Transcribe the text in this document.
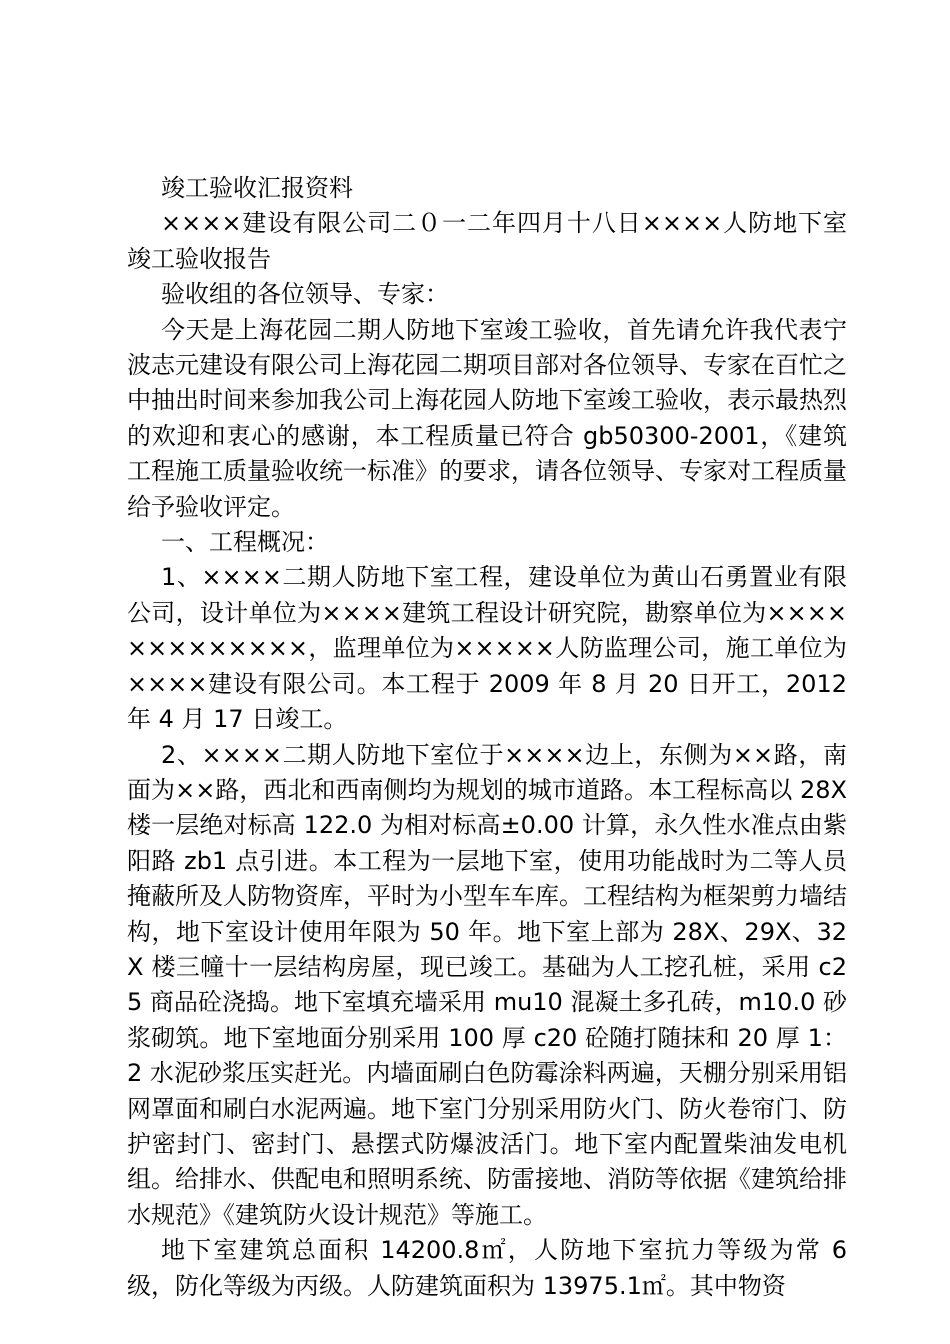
竣工验收汇报资料

××××建设有限公司二０一二年四月十八日××××人防地下室竣工验收报告

验收组的各位领导、专家：

今天是上海花园二期人防地下室竣工验收，首先请允许我代表宁波志元建设有限公司上海花园二期项目部对各位领导、专家在百忙之中抽出时间来参加我公司上海花园人防地下室竣工验收，表示最热烈的欢迎和衷心的感谢，本工程质量已符合 gb50300-2001，《建筑工程施工质量验收统一标准》的要求，请各位领导、专家对工程质量给予验收评定。

一、工程概况：

1、××××二期人防地下室工程，建设单位为黄山石勇置业有限公司，设计单位为××××建筑工程设计研究院，勘察单位为×××××××××××××，监理单位为×××××人防监理公司，施工单位为××××建设有限公司。本工程于 2009 年 8 月 20 日开工，2012 年 4 月 17 日竣工。

2、××××二期人防地下室位于××××边上，东侧为××路，南面为××路，西北和西南侧均为规划的城市道路。本工程标高以 28X 楼一层绝对标高 122.0 为相对标高±0.00 计算，永久性水准点由紫阳路 zb1 点引进。本工程为一层地下室，使用功能战时为二等人员掩蔽所及人防物资库，平时为小型车车库。工程结构为框架剪力墙结构，地下室设计使用年限为 50 年。地下室上部为 28X、29X、32X 楼三幢十一层结构房屋，现已竣工。基础为人工挖孔桩，采用 c25 商品砼浇捣。地下室填充墙采用 mu10 混凝土多孔砖，m10.0 砂浆砌筑。地下室地面分别采用 100 厚 c20 砼随打随抹和 20 厚 1：2 水泥砂浆压实赶光。内墙面刷白色防霉涂料两遍，天棚分别采用铝网罩面和刷白水泥两遍。地下室门分别采用防火门、防火卷帘门、防护密封门、密封门、悬摆式防爆波活门。地下室内配置柴油发电机组。给排水、供配电和照明系统、防雷接地、消防等依据《建筑给排水规范》《建筑防火设计规范》等施工。

地下室建筑总面积 14200.8㎡，人防地下室抗力等级为常 6 级，防化等级为丙级。人防建筑面积为 13975.1㎡。其中物资
